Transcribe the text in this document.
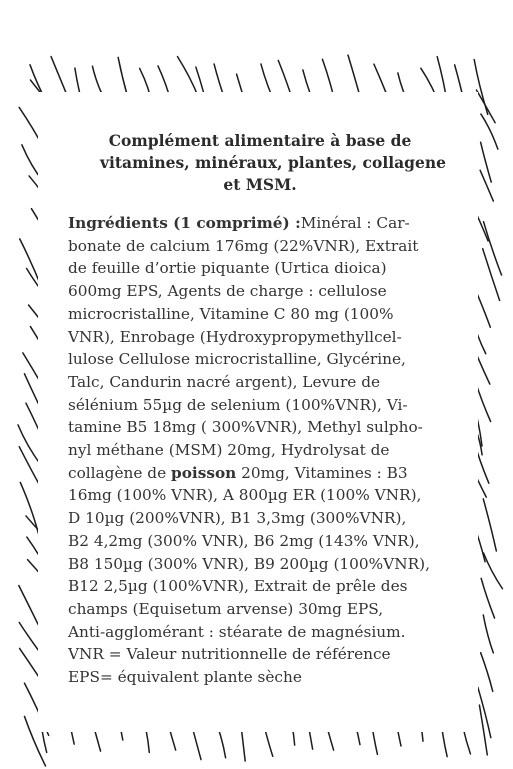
Complément alimentaire à base de
vitamines, minéraux, plantes, collagene
et MSM.
Ingrédients (1 comprimé) :Minéral : Car-
bonate de calcium 176mg (22%VNR), Extrait
de feuille d’ortie piquante (Urtica dioica)
600mg EPS, Agents de charge : cellulose
microcristalline, Vitamine C 80 mg (100%
VNR), Enrobage (Hydroxypropymethyllcel-
lulose Cellulose microcristalline, Glycérine,
Talc, Candurin nacré argent), Levure de
sélénium 55µg de selenium (100%VNR), Vi-
tamine B5 18mg ( 300%VNR), Methyl sulpho-
nyl méthane (MSM) 20mg, Hydrolysat de
collagène de poisson 20mg, Vitamines : B3
16mg (100% VNR), A 800µg ER (100% VNR),
D 10µg (200%VNR), B1 3,3mg (300%VNR),
B2 4,2mg (300% VNR), B6 2mg (143% VNR),
B8 150µg (300% VNR), B9 200µg (100%VNR),
B12 2,5µg (100%VNR), Extrait de prêle des
champs (Equisetum arvense) 30mg EPS,
Anti-agglomérant : stéarate de magnésium.
VNR = Valeur nutritionnelle de référence
EPS= équivalent plante sèche
